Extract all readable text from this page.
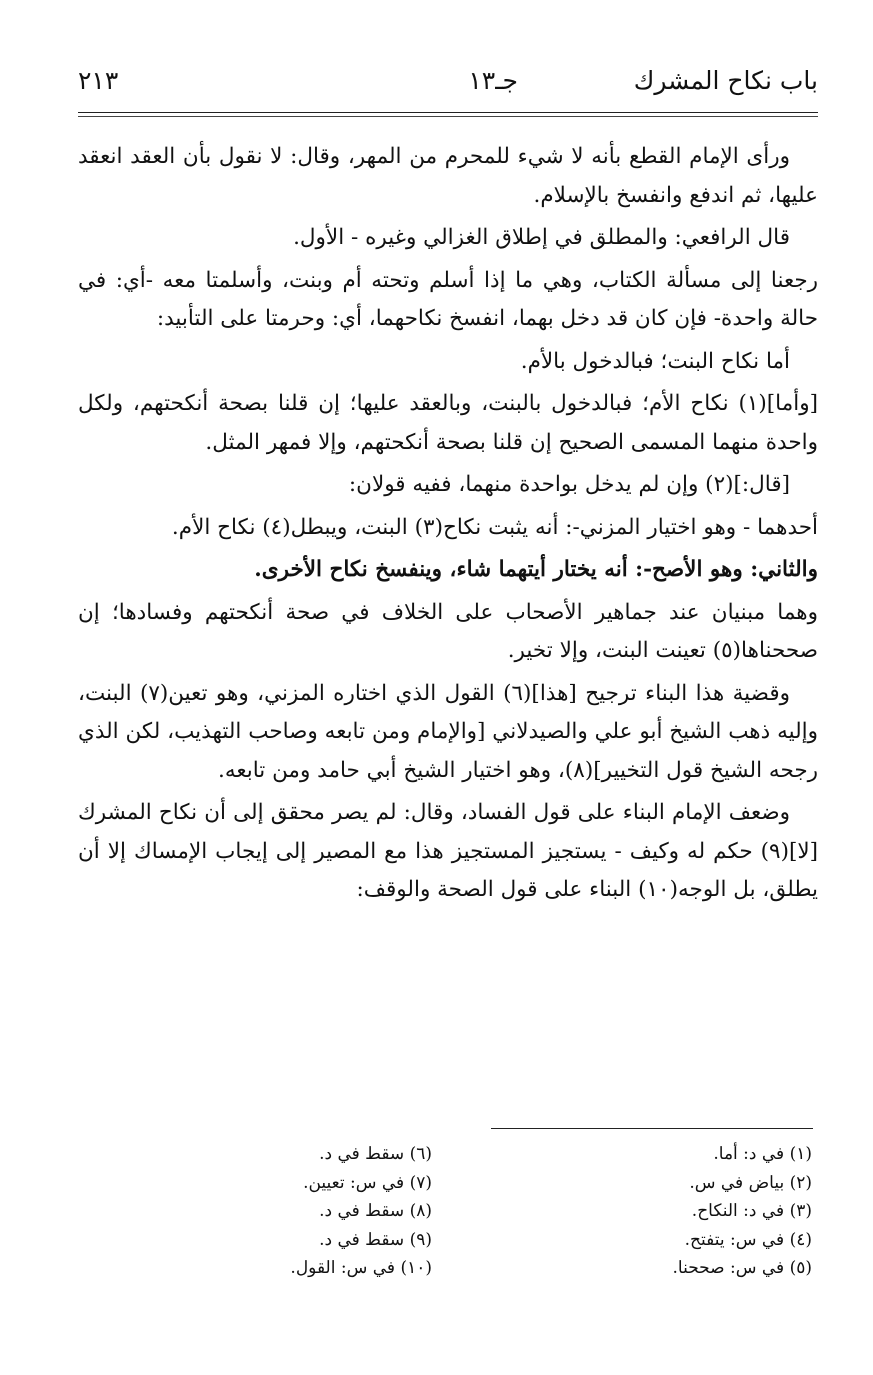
باب نكاح المشرك
جـ١٣
٢١٣

ورأى الإمام القطع بأنه لا شيء للمحرم من المهر، وقال: لا نقول بأن العقد انعقد عليها، ثم اندفع وانفسخ بالإسلام.

قال الرافعي: والمطلق في إطلاق الغزالي وغيره - الأول.

رجعنا إلى مسألة الكتاب، وهي ما إذا أسلم وتحته أم وبنت، وأسلمتا معه -أي: في حالة واحدة- فإن كان قد دخل بهما، انفسخ نكاحهما، أي: وحرمتا على التأبيد:

أما نكاح البنت؛ فبالدخول بالأم.

[وأما](١) نكاح الأم؛ فبالدخول بالبنت، وبالعقد عليها؛ إن قلنا بصحة أنكحتهم، ولكل واحدة منهما المسمى الصحيح إن قلنا بصحة أنكحتهم، وإلا فمهر المثل.

[قال:](٢) وإن لم يدخل بواحدة منهما، ففيه قولان:

أحدهما - وهو اختيار المزني-: أنه يثبت نكاح(٣) البنت، ويبطل(٤) نكاح الأم.

والثاني: وهو الأصح-: أنه يختار أيتهما شاء، وينفسخ نكاح الأخرى.

وهما مبنيان عند جماهير الأصحاب على الخلاف في صحة أنكحتهم وفسادها؛ إن صححناها(٥) تعينت البنت، وإلا تخير.

وقضية هذا البناء ترجيح [هذا](٦) القول الذي اختاره المزني، وهو تعين(٧) البنت، وإليه ذهب الشيخ أبو علي والصيدلاني [والإمام ومن تابعه وصاحب التهذيب، لكن الذي رجحه الشيخ قول التخيير](٨)، وهو اختيار الشيخ أبي حامد ومن تابعه.

وضعف الإمام البناء على قول الفساد، وقال: لم يصر محقق إلى أن نكاح المشرك [لا](٩) حكم له وكيف - يستجيز المستجيز هذا مع المصير إلى إيجاب الإمساك إلا أن يطلق، بل الوجه(١٠) البناء على قول الصحة والوقف:

(١) في د: أما.
(٢) بياض في س.
(٣) في د: النكاح.
(٤) في س: يتفتح.
(٥) في س: صححنا.
(٦) سقط في د.
(٧) في س: تعيين.
(٨) سقط في د.
(٩) سقط في د.
(١٠) في س: القول.
